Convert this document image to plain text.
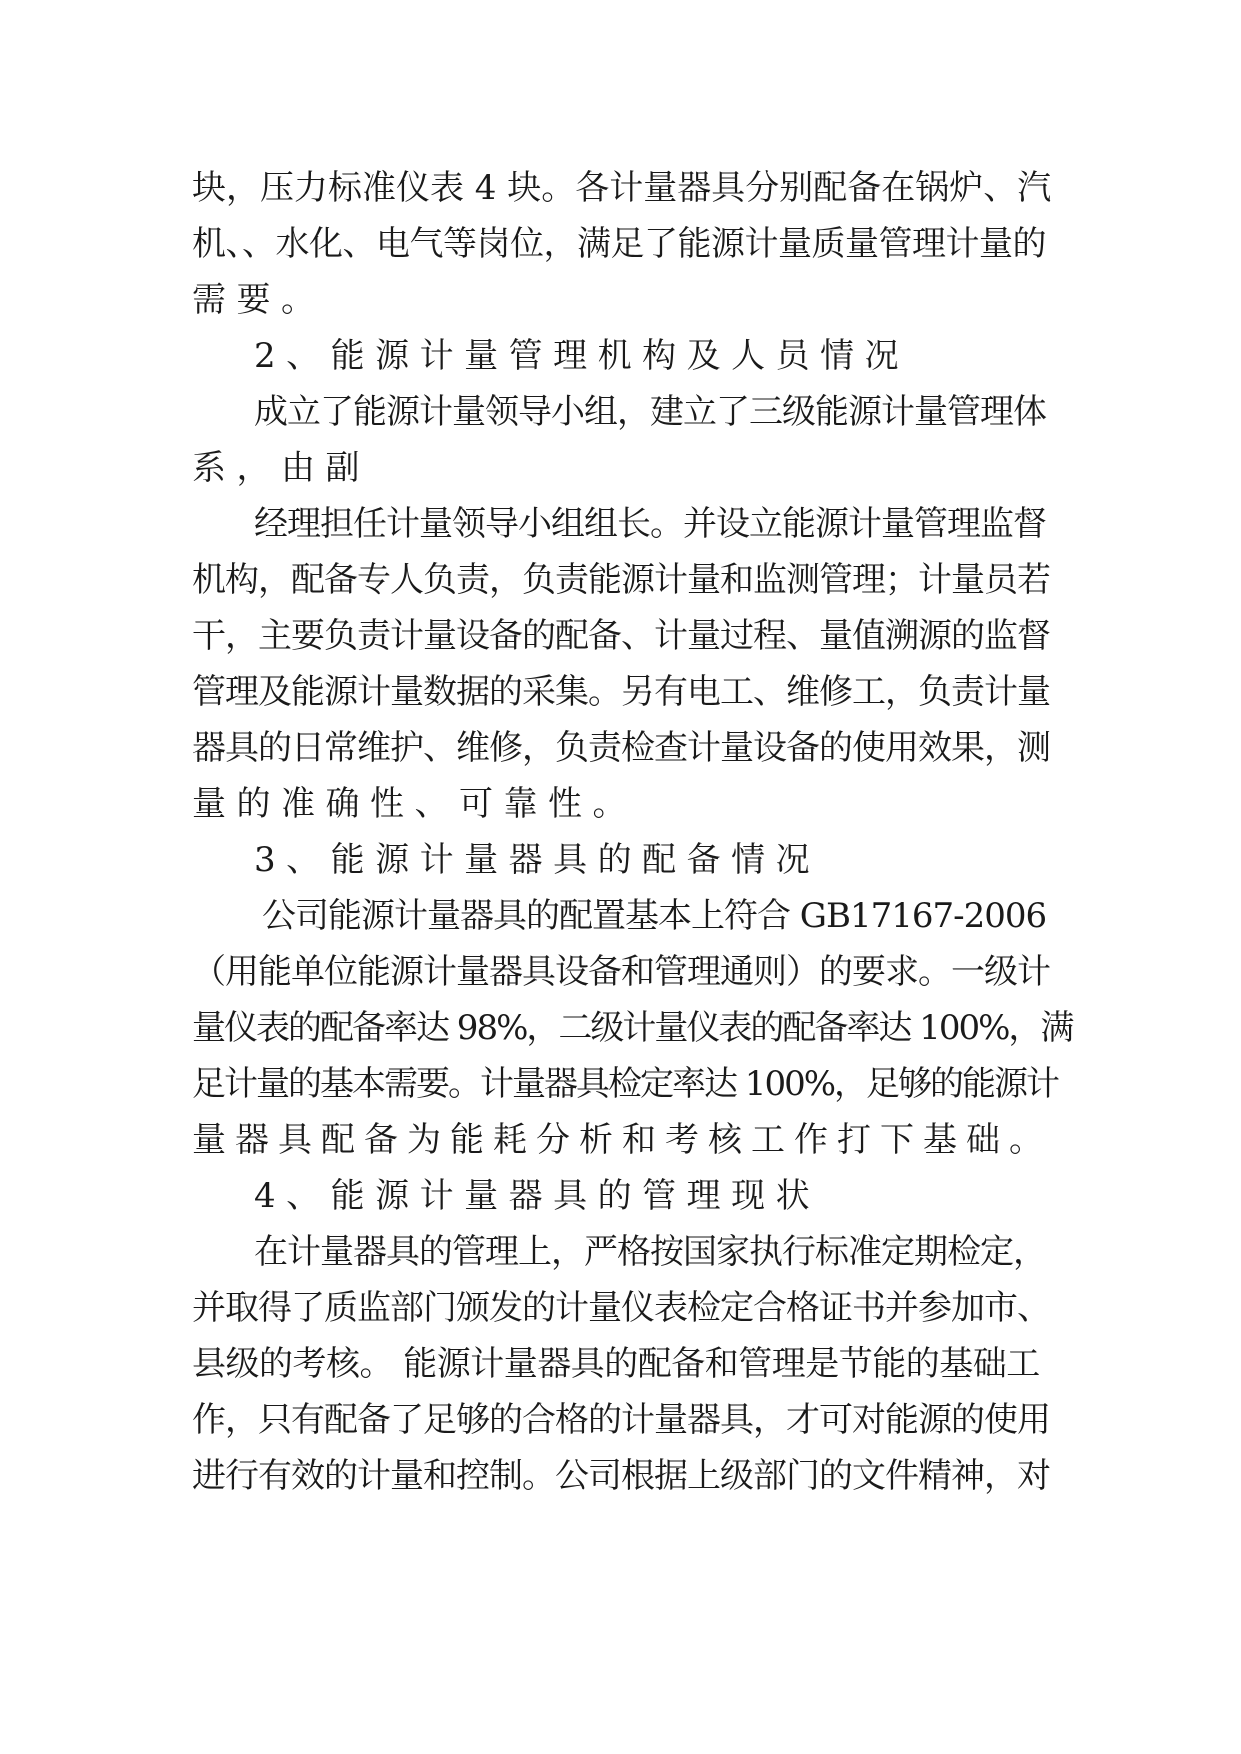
块，压力标准仪表 4 块。各计量器具分别配备在锅炉、汽
机、、水化、电气等岗位，满足了能源计量质量管理计量的
需要。
2、能源计量管理机构及人员情况
成立了能源计量领导小组，建立了三级能源计量管理体
系，由副
经理担任计量领导小组组长。并设立能源计量管理监督
机构，配备专人负责，负责能源计量和监测管理；计量员若
干，主要负责计量设备的配备、计量过程、量值溯源的监督
管理及能源计量数据的采集。另有电工、维修工，负责计量
器具的日常维护、维修，负责检查计量设备的使用效果，测
量的准确性、可靠性。
3、能源计量器具的配备情况
公司能源计量器具的配置基本上符合 GB17167-2006
（用能单位能源计量器具设备和管理通则）的要求。一级计
量仪表的配备率达 98%，二级计量仪表的配备率达 100%，满
足计量的基本需要。计量器具检定率达 100%，足够的能源计
量器具配备为能耗分析和考核工作打下基础。
4、能源计量器具的管理现状
在计量器具的管理上，严格按国家执行标准定期检定，
并取得了质监部门颁发的计量仪表检定合格证书并参加市、
县级的考核。 能源计量器具的配备和管理是节能的基础工
作，只有配备了足够的合格的计量器具，才可对能源的使用
进行有效的计量和控制。公司根据上级部门的文件精神，对
